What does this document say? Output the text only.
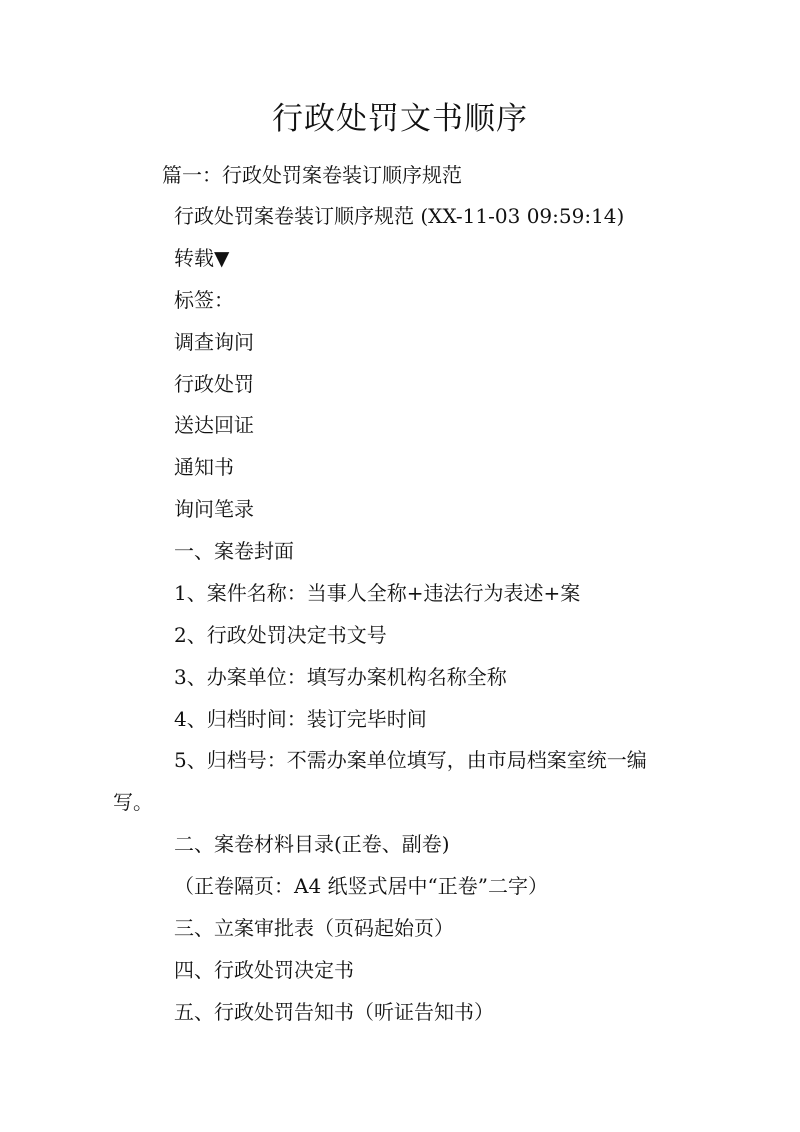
行政处罚文书顺序
篇一：行政处罚案卷装订顺序规范
行政处罚案卷装订顺序规范 (XX-11-03 09:59:14)
转载▼
标签：
调查询问
行政处罚
送达回证
通知书
询问笔录
一、案卷封面
1、案件名称：当事人全称+违法行为表述+案
2、行政处罚决定书文号
3、办案单位：填写办案机构名称全称
4、归档时间：装订完毕时间
5、归档号：不需办案单位填写，由市局档案室统一编
写。
二、案卷材料目录(正卷、副卷)
（正卷隔页：A4 纸竖式居中“正卷”二字）
三、立案审批表（页码起始页）
四、行政处罚决定书
五、行政处罚告知书（听证告知书）
